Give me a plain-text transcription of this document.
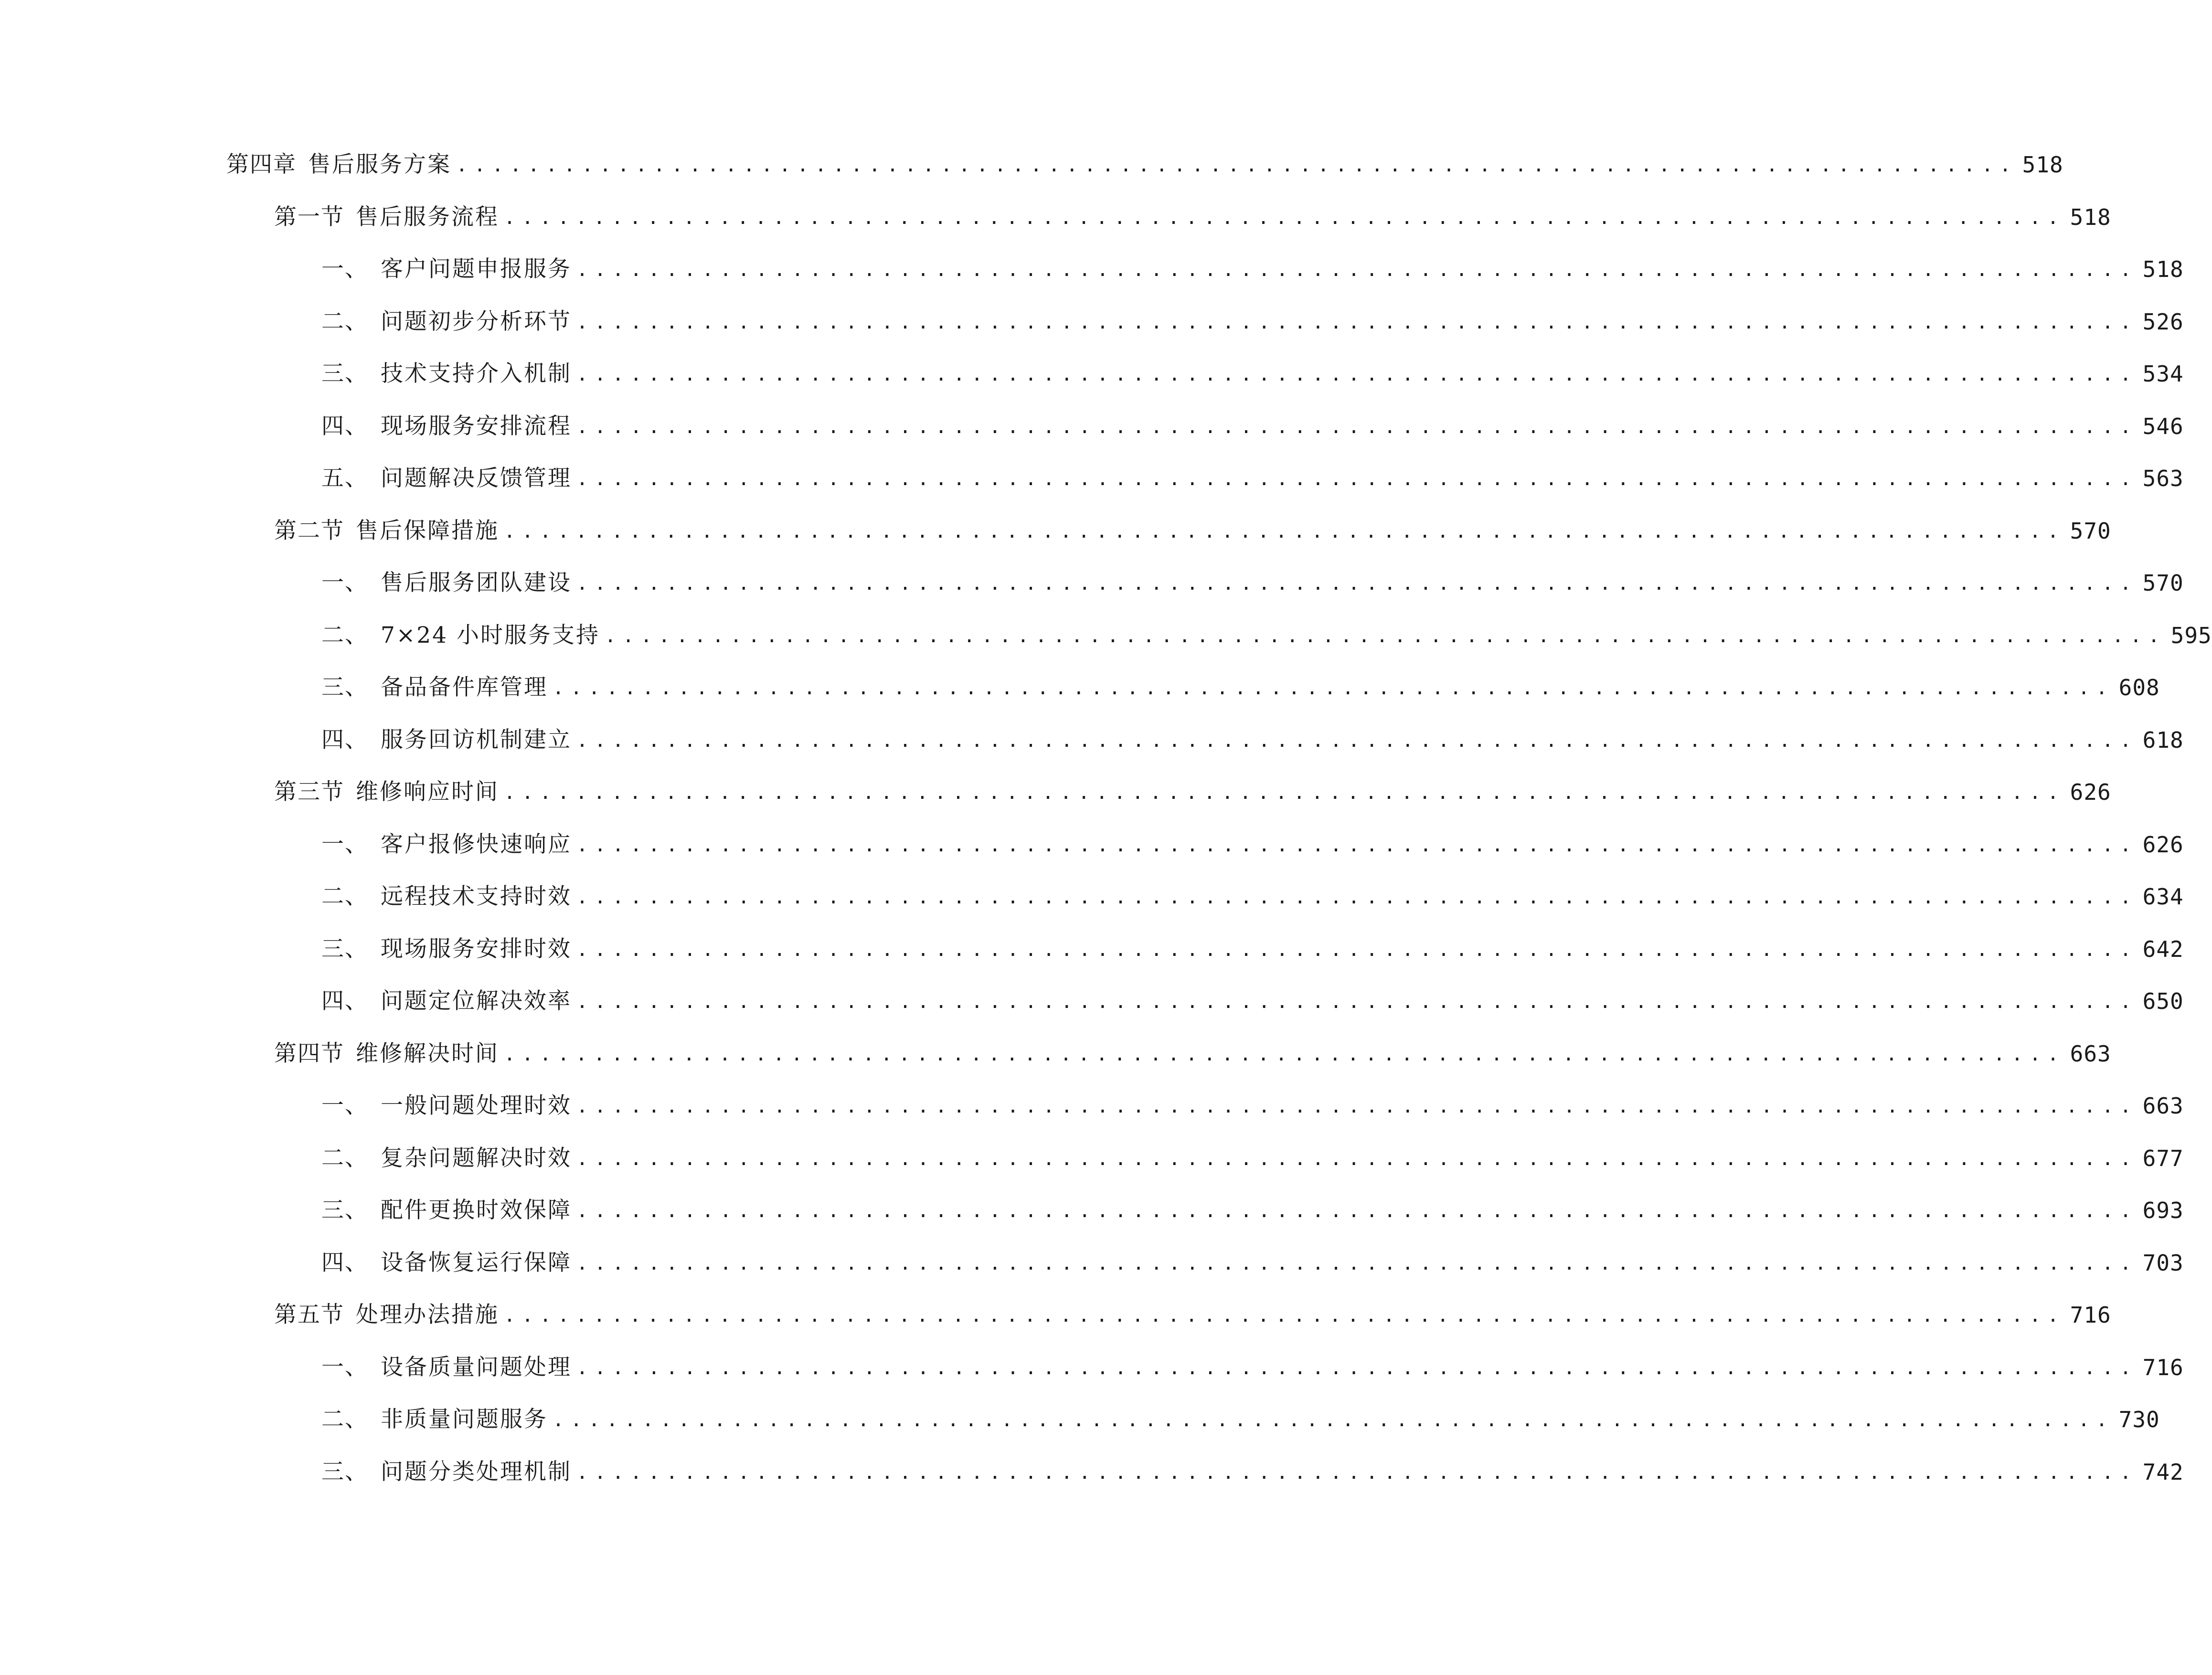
第四章 售后服务方案 ....................................................................................... 518
第一节 售后服务流程 ....................................................................................... 518
一、 客户问题申报服务 ....................................................................................... 518
二、 问题初步分析环节 ....................................................................................... 526
三、 技术支持介入机制 ....................................................................................... 534
四、 现场服务安排流程 ....................................................................................... 546
五、 问题解决反馈管理 ....................................................................................... 563
第二节 售后保障措施 ....................................................................................... 570
一、 售后服务团队建设 ....................................................................................... 570
二、 7×24 小时服务支持 ....................................................................................... 595
三、 备品备件库管理 ....................................................................................... 608
四、 服务回访机制建立 ....................................................................................... 618
第三节 维修响应时间 ....................................................................................... 626
一、 客户报修快速响应 ....................................................................................... 626
二、 远程技术支持时效 ....................................................................................... 634
三、 现场服务安排时效 ....................................................................................... 642
四、 问题定位解决效率 ....................................................................................... 650
第四节 维修解决时间 ....................................................................................... 663
一、 一般问题处理时效 ....................................................................................... 663
二、 复杂问题解决时效 ....................................................................................... 677
三、 配件更换时效保障 ....................................................................................... 693
四、 设备恢复运行保障 ....................................................................................... 703
第五节 处理办法措施 ....................................................................................... 716
一、 设备质量问题处理 ....................................................................................... 716
二、 非质量问题服务 ....................................................................................... 730
三、 问题分类处理机制 ....................................................................................... 742
